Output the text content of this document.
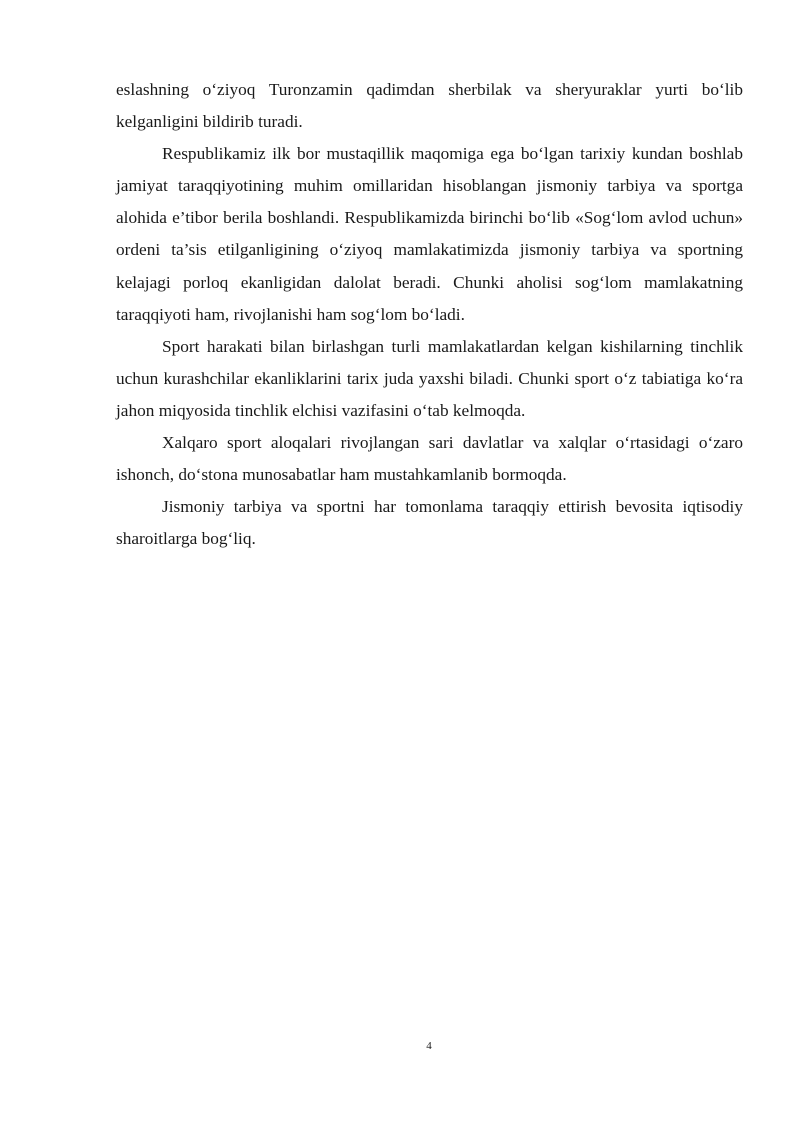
eslashning o‘ziyoq Turonzamin qadimdan sherbilak va sheryuraklar yurti bo‘lib kelganligini bildirib turadi.

Respublikamiz ilk bor mustaqillik maqomiga ega bo‘lgan tarixiy kundan boshlab jamiyat taraqqiyotining muhim omillaridan hisoblangan jismoniy tarbiya va sportga alohida e’tibor berila boshlandi. Respublikamizda birinchi bo‘lib «Sog‘lom avlod uchun» ordeni ta’sis etilganligining o‘ziyoq mamlakatimizda jismoniy tarbiya va sportning kelajagi porloq ekanligidan dalolat beradi. Chunki aholisi sog‘lom mamlakatning taraqqiyoti ham, rivojlanishi ham sog‘lom bo‘ladi.

Sport harakati bilan birlashgan turli mamlakatlardan kelgan kishilarning tinchlik uchun kurashchilar ekanliklarini tarix juda yaxshi biladi. Chunki sport o‘z tabiatiga ko‘ra jahon miqyosida tinchlik elchisi vazifasini o‘tab kelmoqda.

Xalqaro sport aloqalari rivojlangan sari davlatlar va xalqlar o‘rtasidagi o‘zaro ishonch, do‘stona munosabatlar ham mustahkamlanib bormoqda.

Jismoniy tarbiya va sportni har tomonlama taraqqiy ettirish bevosita iqtisodiy sharoitlarga bog‘liq.

4
